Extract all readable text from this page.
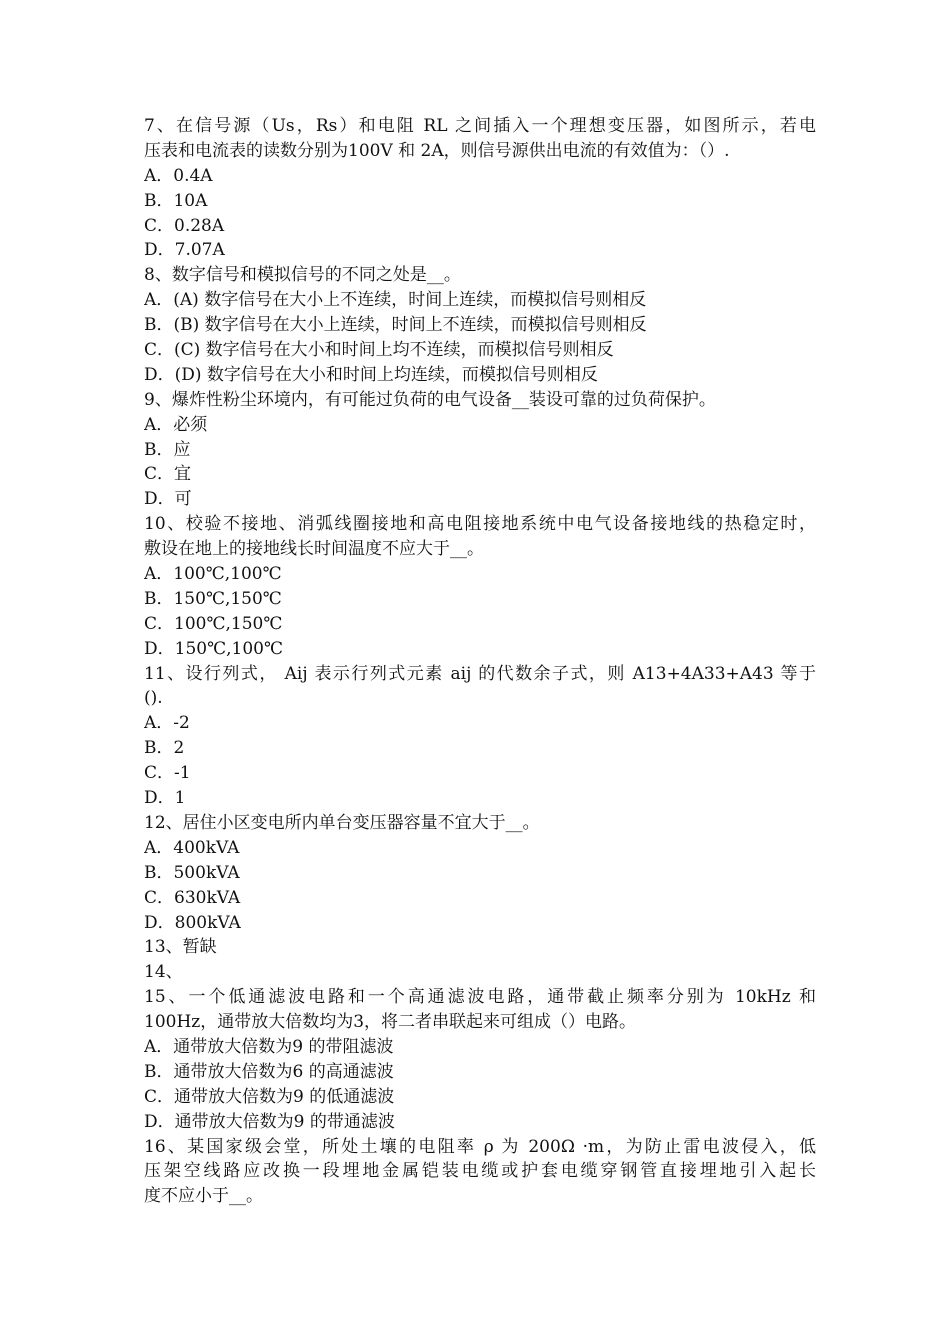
7、在信号源（Us，Rs）和电阻 RL 之间插入一个理想变压器，如图所示，若电
压表和电流表的读数分别为100V 和 2A，则信号源供出电流的有效值为：（）.
A．0.4A
B．10A
C．0.28A
D．7.07A
8、数字信号和模拟信号的不同之处是__。
A．(A) 数字信号在大小上不连续，时间上连续，而模拟信号则相反
B．(B) 数字信号在大小上连续，时间上不连续，而模拟信号则相反
C．(C) 数字信号在大小和时间上均不连续，而模拟信号则相反
D．(D) 数字信号在大小和时间上均连续，而模拟信号则相反
9、爆炸性粉尘环境内，有可能过负荷的电气设备__装设可靠的过负荷保护。
A．必须
B．应
C．宜
D．可
10、校验不接地、消弧线圈接地和高电阻接地系统中电气设备接地线的热稳定时，
敷设在地上的接地线长时间温度不应大于__。
A．100℃,100℃
B．150℃,150℃
C．100℃,150℃
D．150℃,100℃
11、设行列式， Aij 表示行列式元素 aij 的代数余子式，则 A13+4A33+A43 等于
().
A．-2
B．2
C．-1
D．1
12、居住小区变电所内单台变压器容量不宜大于__。
A．400kVA
B．500kVA
C．630kVA
D．800kVA
13、暂缺
14、
15、一个低通滤波电路和一个高通滤波电路，通带截止频率分别为 10kHz 和
100Hz，通带放大倍数均为3，将二者串联起来可组成（）电路。
A．通带放大倍数为9 的带阻滤波
B．通带放大倍数为6 的高通滤波
C．通带放大倍数为9 的低通滤波
D．通带放大倍数为9 的带通滤波
16、某国家级会堂，所处土壤的电阻率 ρ 为 200Ω ·m，为防止雷电波侵入，低
压架空线路应改换一段埋地金属铠装电缆或护套电缆穿钢管直接埋地引入起长
度不应小于__。
